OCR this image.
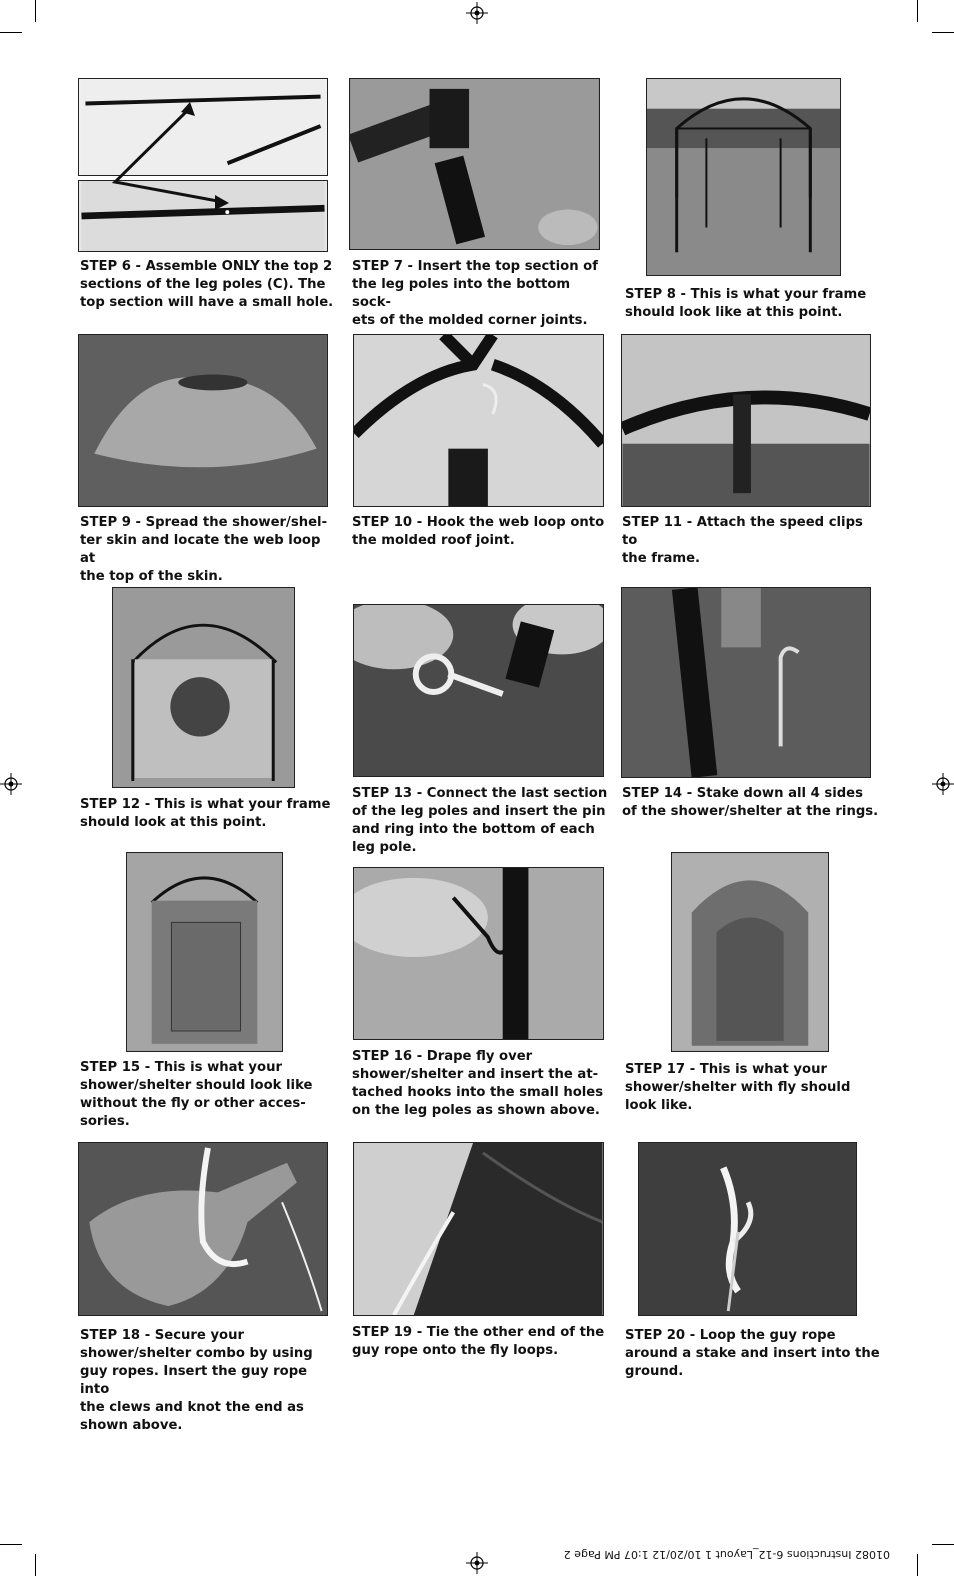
STEP 6 - Assemble ONLY the top 2
sections of the leg poles (C). The
top section will have a small hole.

STEP 7 - Insert the top section of
the leg poles into the bottom sock-
ets of the molded corner joints.

STEP 8 - This is what your frame
should look like at this point.

STEP 9 - Spread the shower/shel-
ter skin and locate the web loop at
the top of the skin.

STEP 10 - Hook the web loop onto
the molded roof joint.

STEP 11 - Attach the speed clips to
the frame.

STEP 12 - This is what your frame
should look at this point.

STEP 13 - Connect the last section
of the leg poles and insert the pin
and ring into the bottom of each
leg pole.

STEP 14 - Stake down all 4 sides
of the shower/shelter at the rings.

STEP 15 - This is what your
shower/shelter should look like
without the fly or other acces-
sories.

STEP 16 - Drape fly over
shower/shelter and insert the at-
tached hooks into the small holes
on the leg poles as shown above.

STEP 17 - This is what your
shower/shelter with fly should
look like.

STEP 18 - Secure your
shower/shelter combo by using
guy ropes. Insert the guy rope into
the clews and knot the end as
shown above.

STEP 19 - Tie the other end of the
guy rope onto the fly loops.

STEP 20 - Loop the guy rope
around a stake and insert into the
ground.

01082 Instructions 6-12_Layout 1 10/20/12 1:07 PM Page 2
